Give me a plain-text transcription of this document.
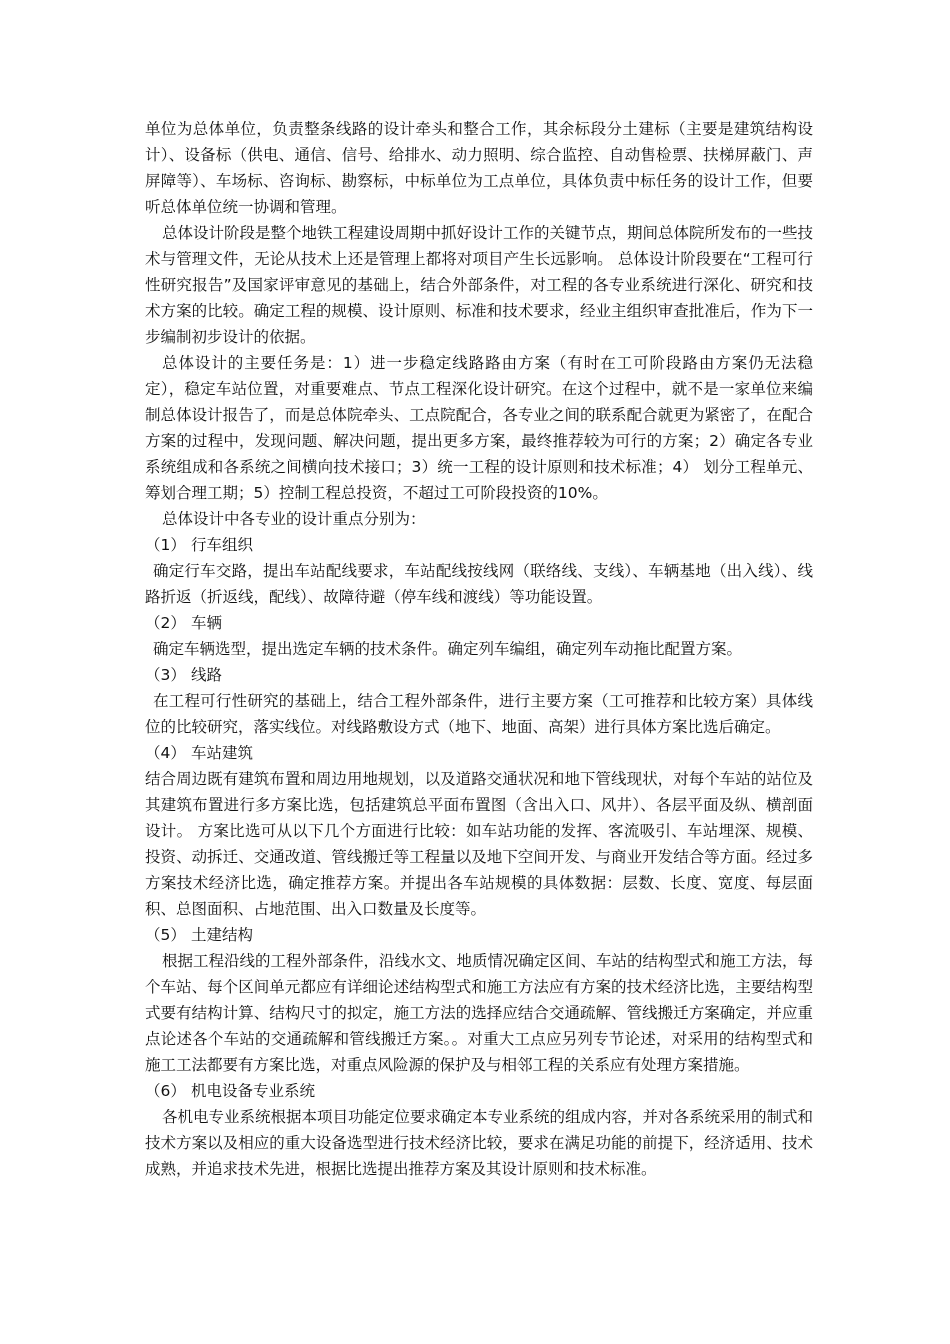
单位为总体单位，负责整条线路的设计牵头和整合工作，其余标段分土建标（主要是建筑结构设计）、设备标（供电、通信、信号、给排水、动力照明、综合监控、自动售检票、扶梯屏蔽门、声屏障等）、车场标、咨询标、勘察标，中标单位为工点单位，具体负责中标任务的设计工作，但要听总体单位统一协调和管理。

总体设计阶段是整个地铁工程建设周期中抓好设计工作的关键节点，期间总体院所发布的一些技术与管理文件，无论从技术上还是管理上都将对项目产生长远影响。 总体设计阶段要在“工程可行性研究报告”及国家评审意见的基础上，结合外部条件，对工程的各专业系统进行深化、研究和技术方案的比较。确定工程的规模、设计原则、标准和技术要求，经业主组织审查批准后，作为下一步编制初步设计的依据。

总体设计的主要任务是：1）进一步稳定线路路由方案（有时在工可阶段路由方案仍无法稳定），稳定车站位置，对重要难点、节点工程深化设计研究。在这个过程中，就不是一家单位来编制总体设计报告了，而是总体院牵头、工点院配合，各专业之间的联系配合就更为紧密了，在配合方案的过程中，发现问题、解决问题，提出更多方案，最终推荐较为可行的方案；2）确定各专业系统组成和各系统之间横向技术接口；3）统一工程的设计原则和技术标准；4） 划分工程单元、筹划合理工期；5）控制工程总投资，不超过工可阶段投资的10%。

总体设计中各专业的设计重点分别为：

（1） 行车组织

确定行车交路，提出车站配线要求，车站配线按线网（联络线、支线）、车辆基地（出入线）、线路折返（折返线，配线）、故障待避（停车线和渡线）等功能设置。

（2） 车辆

确定车辆选型，提出选定车辆的技术条件。确定列车编组，确定列车动拖比配置方案。

（3） 线路

在工程可行性研究的基础上，结合工程外部条件，进行主要方案（工可推荐和比较方案）具体线位的比较研究，落实线位。对线路敷设方式（地下、地面、高架）进行具体方案比选后确定。

（4） 车站建筑

结合周边既有建筑布置和周边用地规划，以及道路交通状况和地下管线现状，对每个车站的站位及其建筑布置进行多方案比选，包括建筑总平面布置图（含出入口、风井）、各层平面及纵、横剖面设计。 方案比选可从以下几个方面进行比较：如车站功能的发挥、客流吸引、车站埋深、规模、投资、动拆迁、交通改道、管线搬迁等工程量以及地下空间开发、与商业开发结合等方面。经过多方案技术经济比选，确定推荐方案。并提出各车站规模的具体数据：层数、长度、宽度、每层面积、总图面积、占地范围、出入口数量及长度等。

（5） 土建结构

根据工程沿线的工程外部条件，沿线水文、地质情况确定区间、车站的结构型式和施工方法，每个车站、每个区间单元都应有详细论述结构型式和施工方法应有方案的技术经济比选，主要结构型式要有结构计算、结构尺寸的拟定，施工方法的选择应结合交通疏解、管线搬迁方案确定，并应重点论述各个车站的交通疏解和管线搬迁方案。。对重大工点应另列专节论述，对采用的结构型式和施工工法都要有方案比选，对重点风险源的保护及与相邻工程的关系应有处理方案措施。

（6） 机电设备专业系统

各机电专业系统根据本项目功能定位要求确定本专业系统的组成内容，并对各系统采用的制式和技术方案以及相应的重大设备选型进行技术经济比较，要求在满足功能的前提下，经济适用、技术成熟，并追求技术先进，根据比选提出推荐方案及其设计原则和技术标准。
